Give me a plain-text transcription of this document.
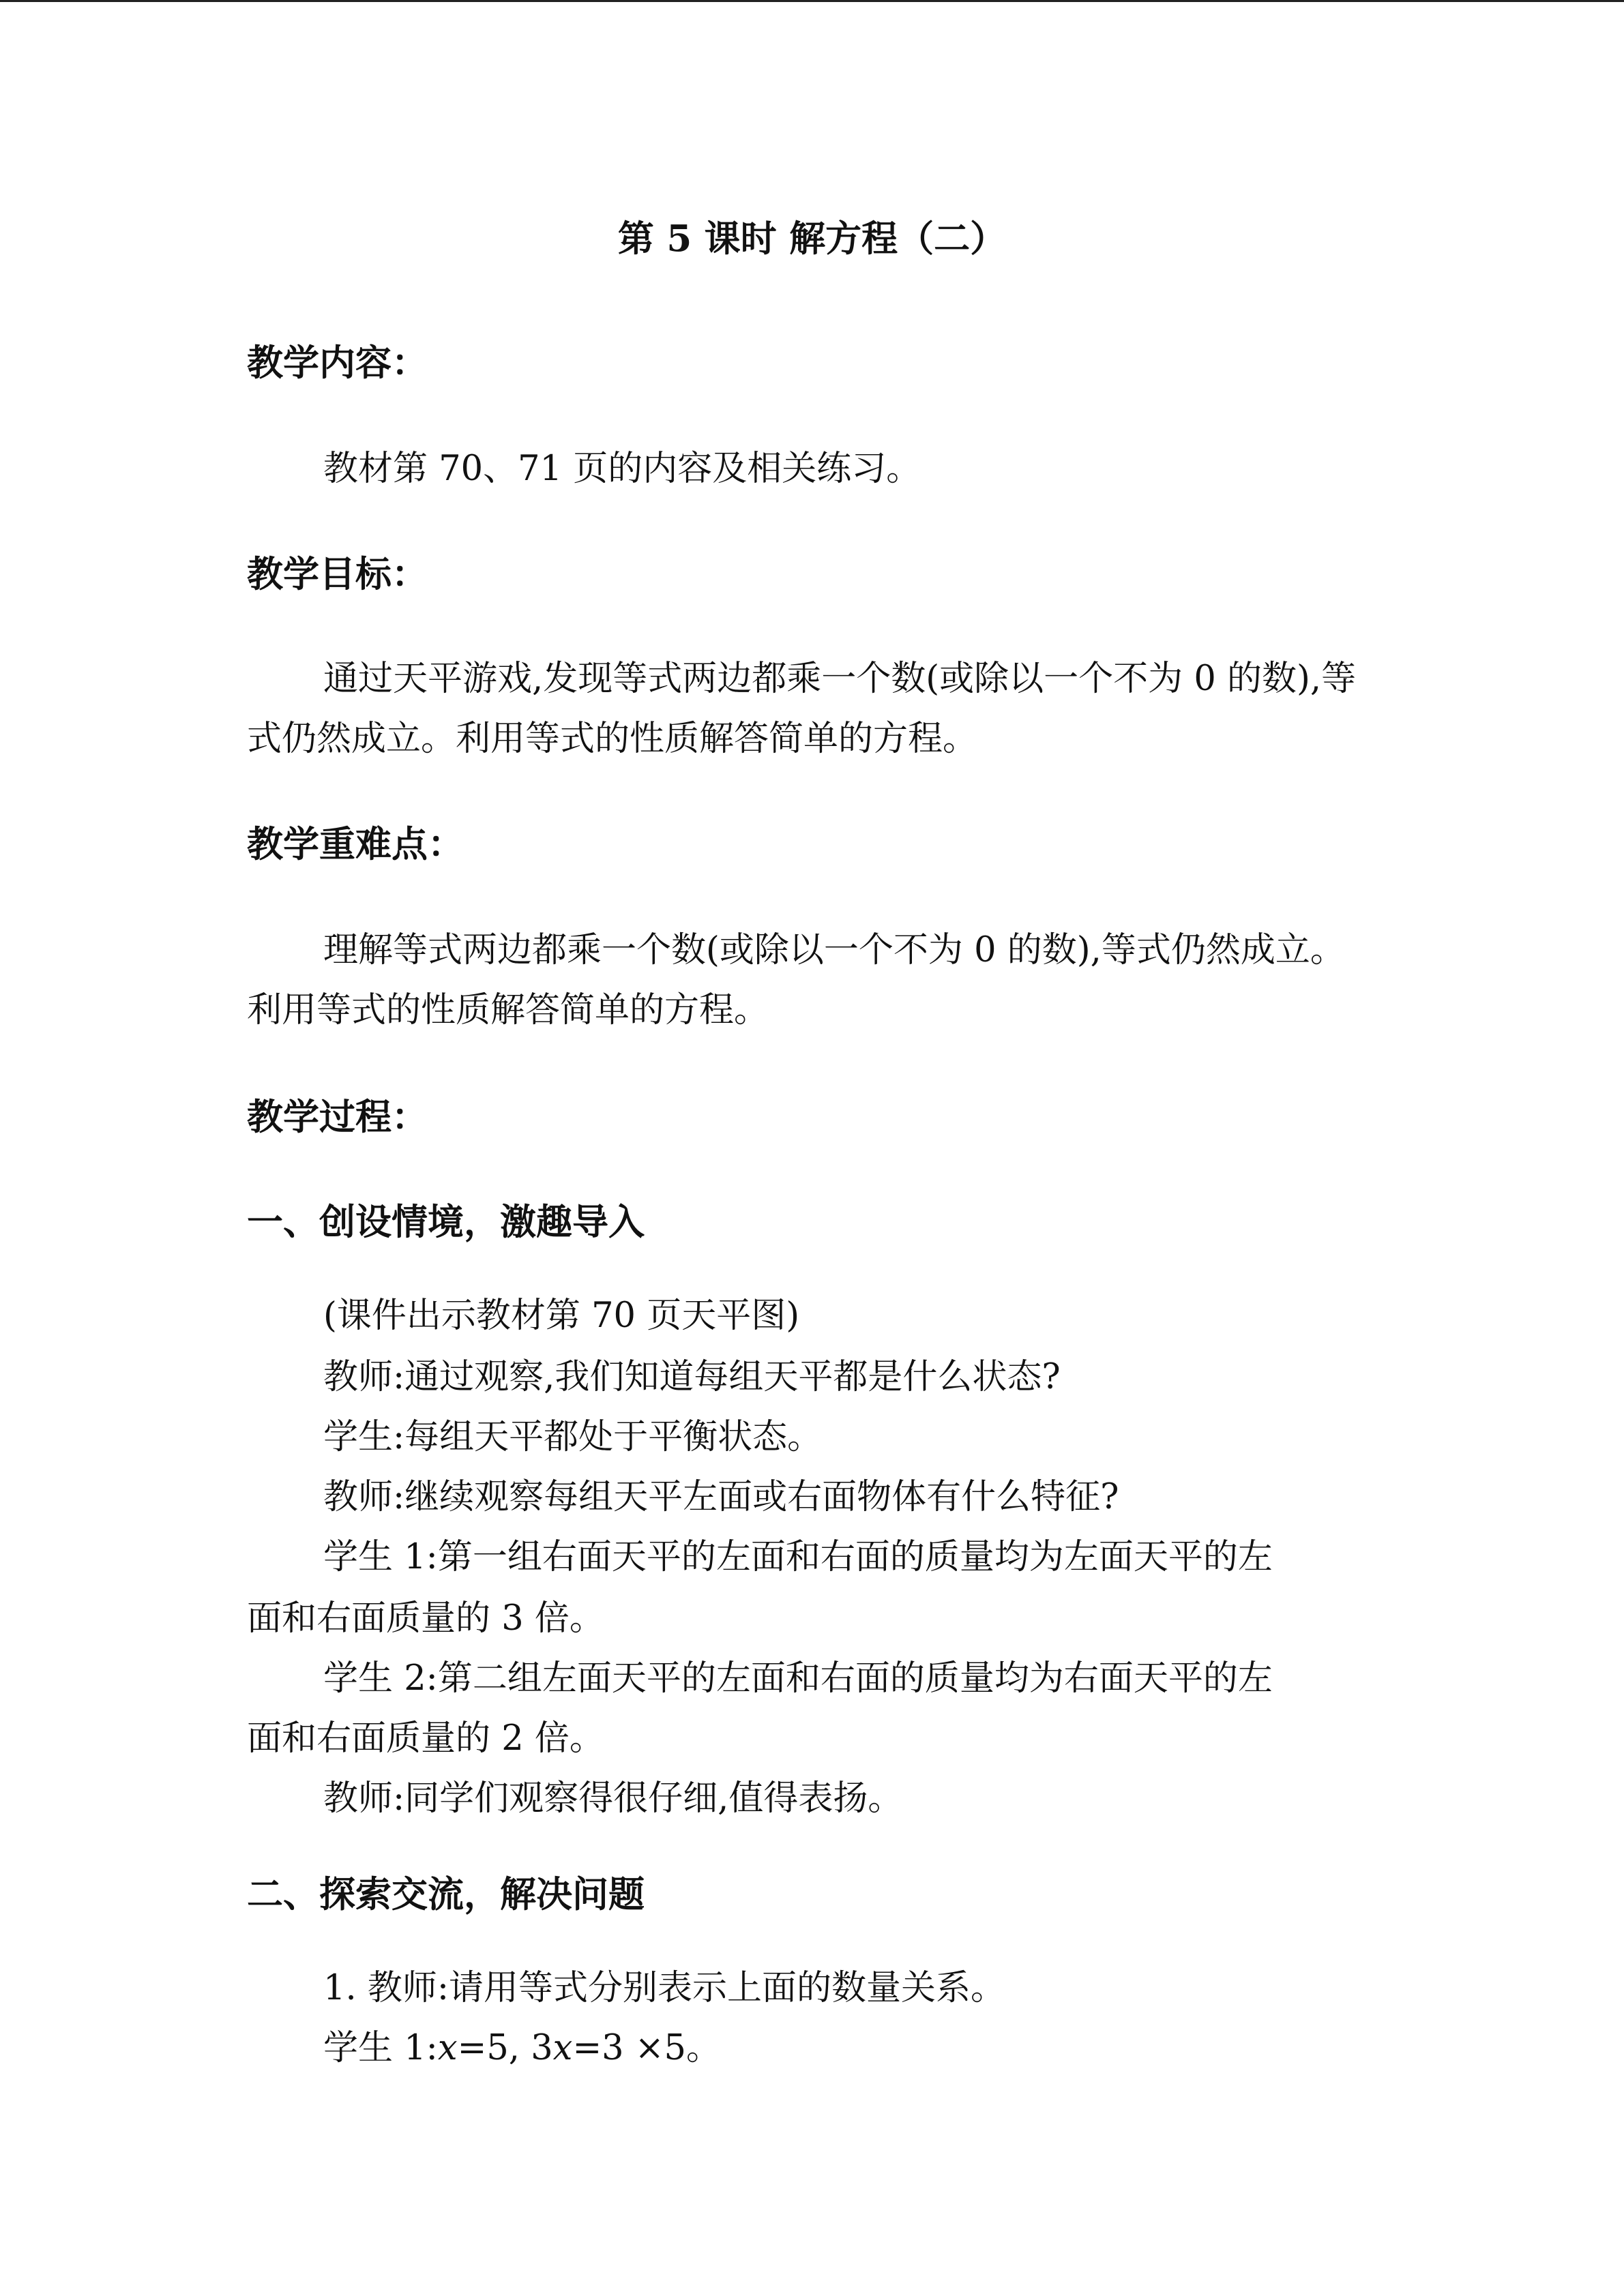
第 5 课时 解方程（二）
教学内容：
教材第 70、71 页的内容及相关练习。
教学目标：
通过天平游戏,发现等式两边都乘一个数(或除以一个不为 0 的数),等式仍然成立。利用等式的性质解答简单的方程。
教学重难点：
理解等式两边都乘一个数(或除以一个不为 0 的数),等式仍然成立。利用等式的性质解答简单的方程。
教学过程：
一、创设情境，激趣导入
(课件出示教材第 70 页天平图)
教师:通过观察,我们知道每组天平都是什么状态?
学生:每组天平都处于平衡状态。
教师:继续观察每组天平左面或右面物体有什么特征?
学生 1:第一组右面天平的左面和右面的质量均为左面天平的左
面和右面质量的 3 倍。
学生 2:第二组左面天平的左面和右面的质量均为右面天平的左
面和右面质量的 2 倍。
教师:同学们观察得很仔细,值得表扬。
二、探索交流，解决问题
1. 教师:请用等式分别表示上面的数量关系。
学生 1:x=5, 3x=3 ×5。
